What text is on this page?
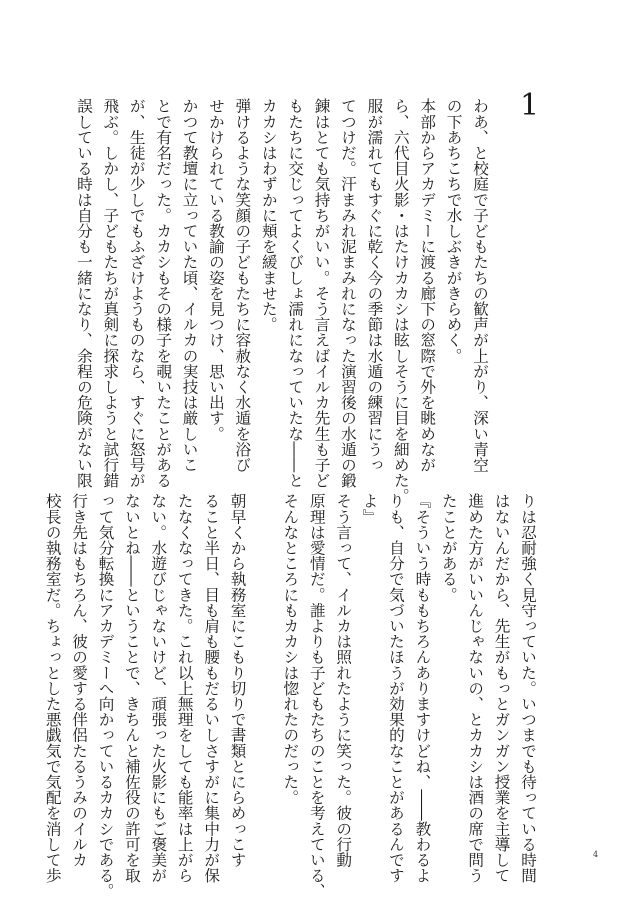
1

わあ、と校庭で子どもたちの歓声が上がり、深い青空

の下あちこちで水しぶきがきらめく。

本部からアカデミーに渡る廊下の窓際で外を眺めなが

ら、六代目火影・はたけカカシは眩しそうに目を細めた。

服が濡れてもすぐに乾く今の季節は水遁の練習にうっ

てつけだ。汗まみれ泥まみれになった演習後の水遁の鍛

錬はとても気持ちがいい。そう言えばイルカ先生も子ど

もたちに交じってよくびしょ濡れになっていたな――と

カカシはわずかに頬を緩ませた。

弾けるような笑顔の子どもたちに容赦なく水遁を浴び

せかけられている教諭の姿を見つけ、思い出す。

かつて教壇に立っていた頃、イルカの実技は厳しいこ

とで有名だった。カカシもその様子を覗いたことがある

が、生徒が少しでもふざけようものなら、すぐに怒号が

飛ぶ。しかし、子どもたちが真剣に探求しようと試行錯

誤している時は自分も一緒になり、余程の危険がない限

りは忍耐強く見守っていた。いつまでも待っている時間

はないんだから、先生がもっとガンガン授業を主導して

進めた方がいいんじゃないの、とカカシは酒の席で問う

たことがある。

『そういう時ももちろんありますけどね、――教わるよ

りも、自分で気づいたほうが効果的なことがあるんです

よ』

そう言って、イルカは照れたように笑った。彼の行動

原理は愛情だ。誰よりも子どもたちのことを考えている、

そんなところにもカカシは惚れたのだった。

朝早くから執務室にこもり切りで書類とにらめっこす

ること半日、目も肩も腰もだるいしさすがに集中力が保

たなくなってきた。これ以上無理をしても能率は上がら

ない。水遊びじゃないけど、頑張った火影にもご褒美が

ないとね――ということで、きちんと補佐役の許可を取

って気分転換にアカデミーへ向かっているカカシである。

行き先はもちろん、彼の愛する伴侶たるうみのイルカ

校長の執務室だ。ちょっとした悪戯気で気配を消して歩	4
